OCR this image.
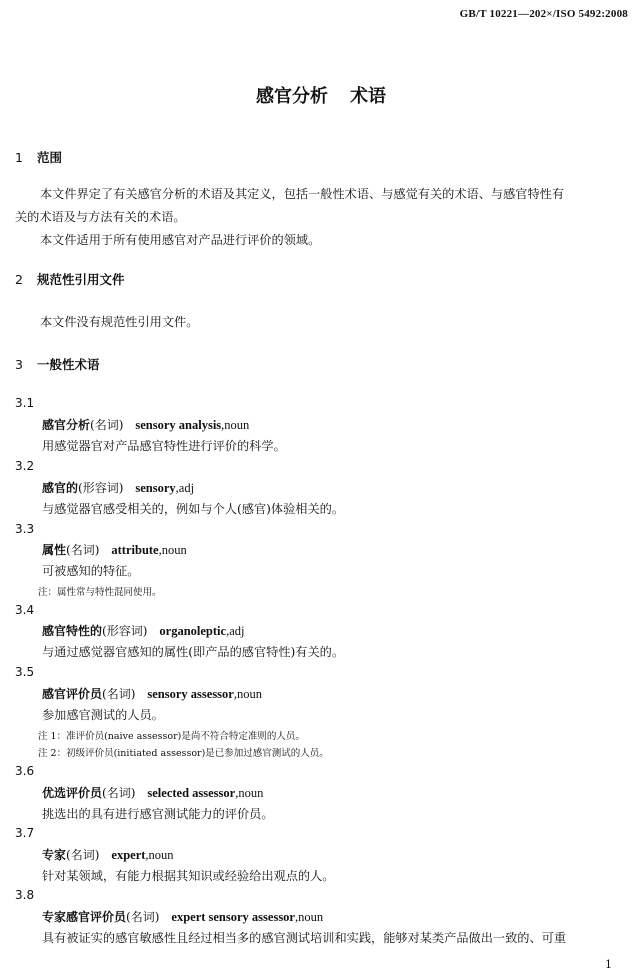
GB/T 10221—202×/ISO 5492:2008
感官分析 术语
1 范围
本文件界定了有关感官分析的术语及其定义，包括一般性术语、与感觉有关的术语、与感官特性有
关的术语及与方法有关的术语。
本文件适用于所有使用感官对产品进行评价的领域。
2 规范性引用文件
本文件没有规范性引用文件。
3 一般性术语
3.1
感官分析(名词) sensory analysis,noun
用感觉器官对产品感官特性进行评价的科学。
3.2
感官的(形容词) sensory,adj
与感觉器官感受相关的，例如与个人(感官)体验相关的。
3.3
属性(名词) attribute,noun
可被感知的特征。
注：属性常与特性混同使用。
3.4
感官特性的(形容词) organoleptic,adj
与通过感觉器官感知的属性(即产品的感官特性)有关的。
3.5
感官评价员(名词) sensory assessor,noun
参加感官测试的人员。
注 1：准评价员(naive assessor)是尚不符合特定准则的人员。
注 2：初级评价员(initiated assessor)是已参加过感官测试的人员。
3.6
优选评价员(名词) selected assessor,noun
挑选出的具有进行感官测试能力的评价员。
3.7
专家(名词) expert,noun
针对某领域，有能力根据其知识或经验给出观点的人。
3.8
专家感官评价员(名词) expert sensory assessor,noun
具有被证实的感官敏感性且经过相当多的感官测试培训和实践，能够对某类产品做出一致的、可重
1
